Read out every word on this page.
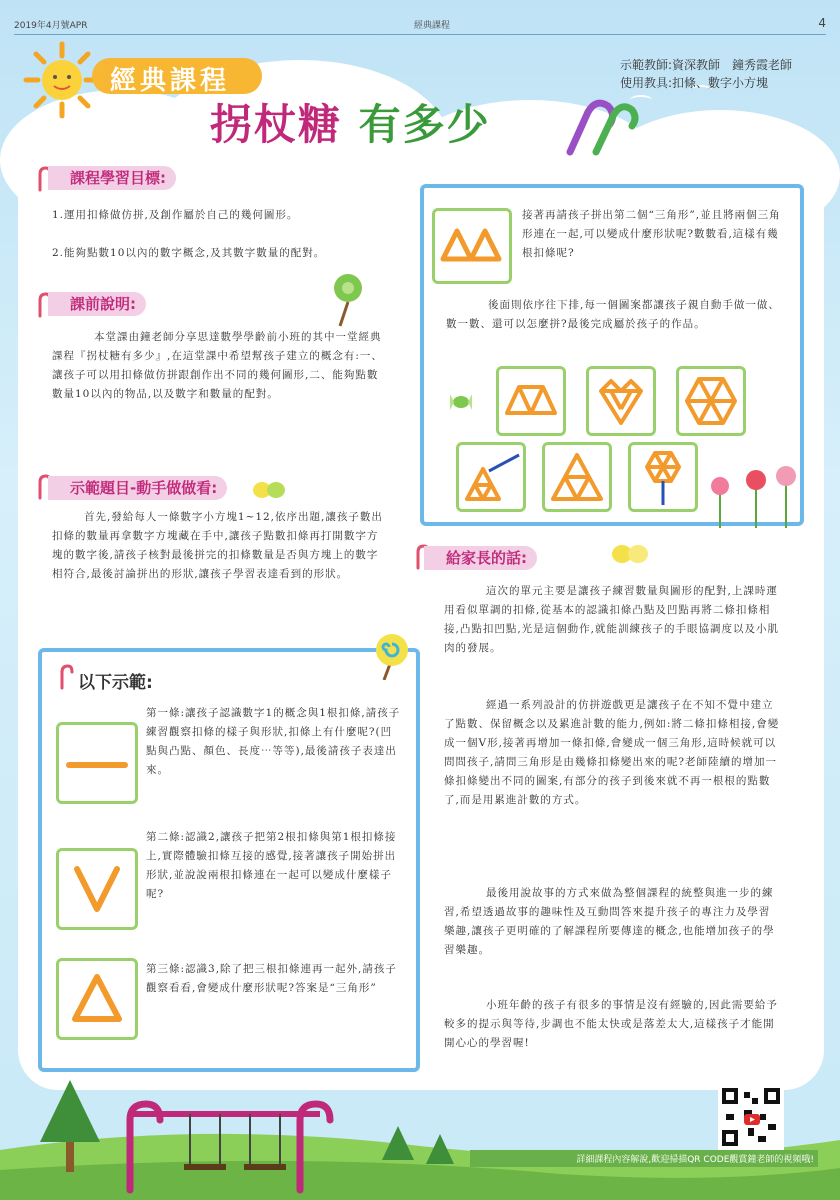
2019年4月號APR	經典課程	4
經典課程
拐杖糖 有多少
示範教師:資深教師　鐘秀霞老師
使用教具:扣條、數字小方塊
課程學習目標:
1.運用扣條做仿拼,及創作屬於自己的幾何圖形。
2.能夠點數10以內的數字概念,及其數字數量的配對。
課前說明:
本堂課由鐘老師分享思達數學學齡前小班的其中一堂經典課程『拐杖糖有多少』,在這堂課中希望幫孩子建立的概念有:一、讓孩子可以用扣條做仿拼跟創作出不同的幾何圖形,二、能夠點數數量10以內的物品,以及數字和數量的配對。
示範題目-動手做做看:
首先,發給每人一條數字小方塊1~12,依序出題,讓孩子數出扣條的數量再拿數字方塊藏在手中,讓孩子點數扣條再打開數字方塊的數字後,請孩子核對最後拼完的扣條數量是否與方塊上的數字相符合,最後討論拼出的形狀,讓孩子學習表達看到的形狀。
以下示範:
第一條:讓孩子認識數字1的概念與1根扣條,請孩子練習觀察扣條的樣子與形狀,扣條上有什麼呢?(凹點與凸點、顏色、長度⋯等等),最後請孩子表達出來。
第二條:認識2,讓孩子把第2根扣條與第1根扣條接上,實際體驗扣條互接的感覺,接著讓孩子開始拼出形狀,並說說兩根扣條連在一起可以變成什麼樣子呢?
第三條:認識3,除了把三根扣條連再一起外,請孩子觀察看看,會變成什麼形狀呢?答案是“三角形”
接著再請孩子拼出第二個“三角形”,並且將兩個三角形連在一起,可以變成什麼形狀呢?數數看,這樣有幾根扣條呢?
後面則依序往下排,每一個圖案都讓孩子親自動手做一做、數一數、還可以怎麼拼?最後完成屬於孩子的作品。
給家長的話:
這次的單元主要是讓孩子練習數量與圖形的配對,上課時運用看似單調的扣條,從基本的認識扣條凸點及凹點再將二條扣條相接,凸點扣凹點,光是這個動作,就能訓練孩子的手眼協調度以及小肌肉的發展。
經過一系列設計的仿拼遊戲更是讓孩子在不知不覺中建立了點數、保留概念以及累進計數的能力,例如:將二條扣條相接,會變成一個V形,接著再增加一條扣條,會變成一個三角形,這時候就可以問問孩子,請問三角形是由幾條扣條變出來的呢?老師陸續的增加一條扣條變出不同的圖案,有部分的孩子到後來就不再一根根的點數了,而是用累進計數的方式。
最後用說故事的方式來做為整個課程的統整與進一步的練習,希望透過故事的趣味性及互動問答來提升孩子的專注力及學習樂趣,讓孩子更明確的了解課程所要傳達的概念,也能增加孩子的學習樂趣。
小班年齡的孩子有很多的事情是沒有經驗的,因此需要給予較多的提示與等待,步調也不能太快或是落差太大,這樣孩子才能開開心心的學習喔!
詳細課程內容解說,歡迎掃描QR CODE觀賞鐘老師的視頻哦!
